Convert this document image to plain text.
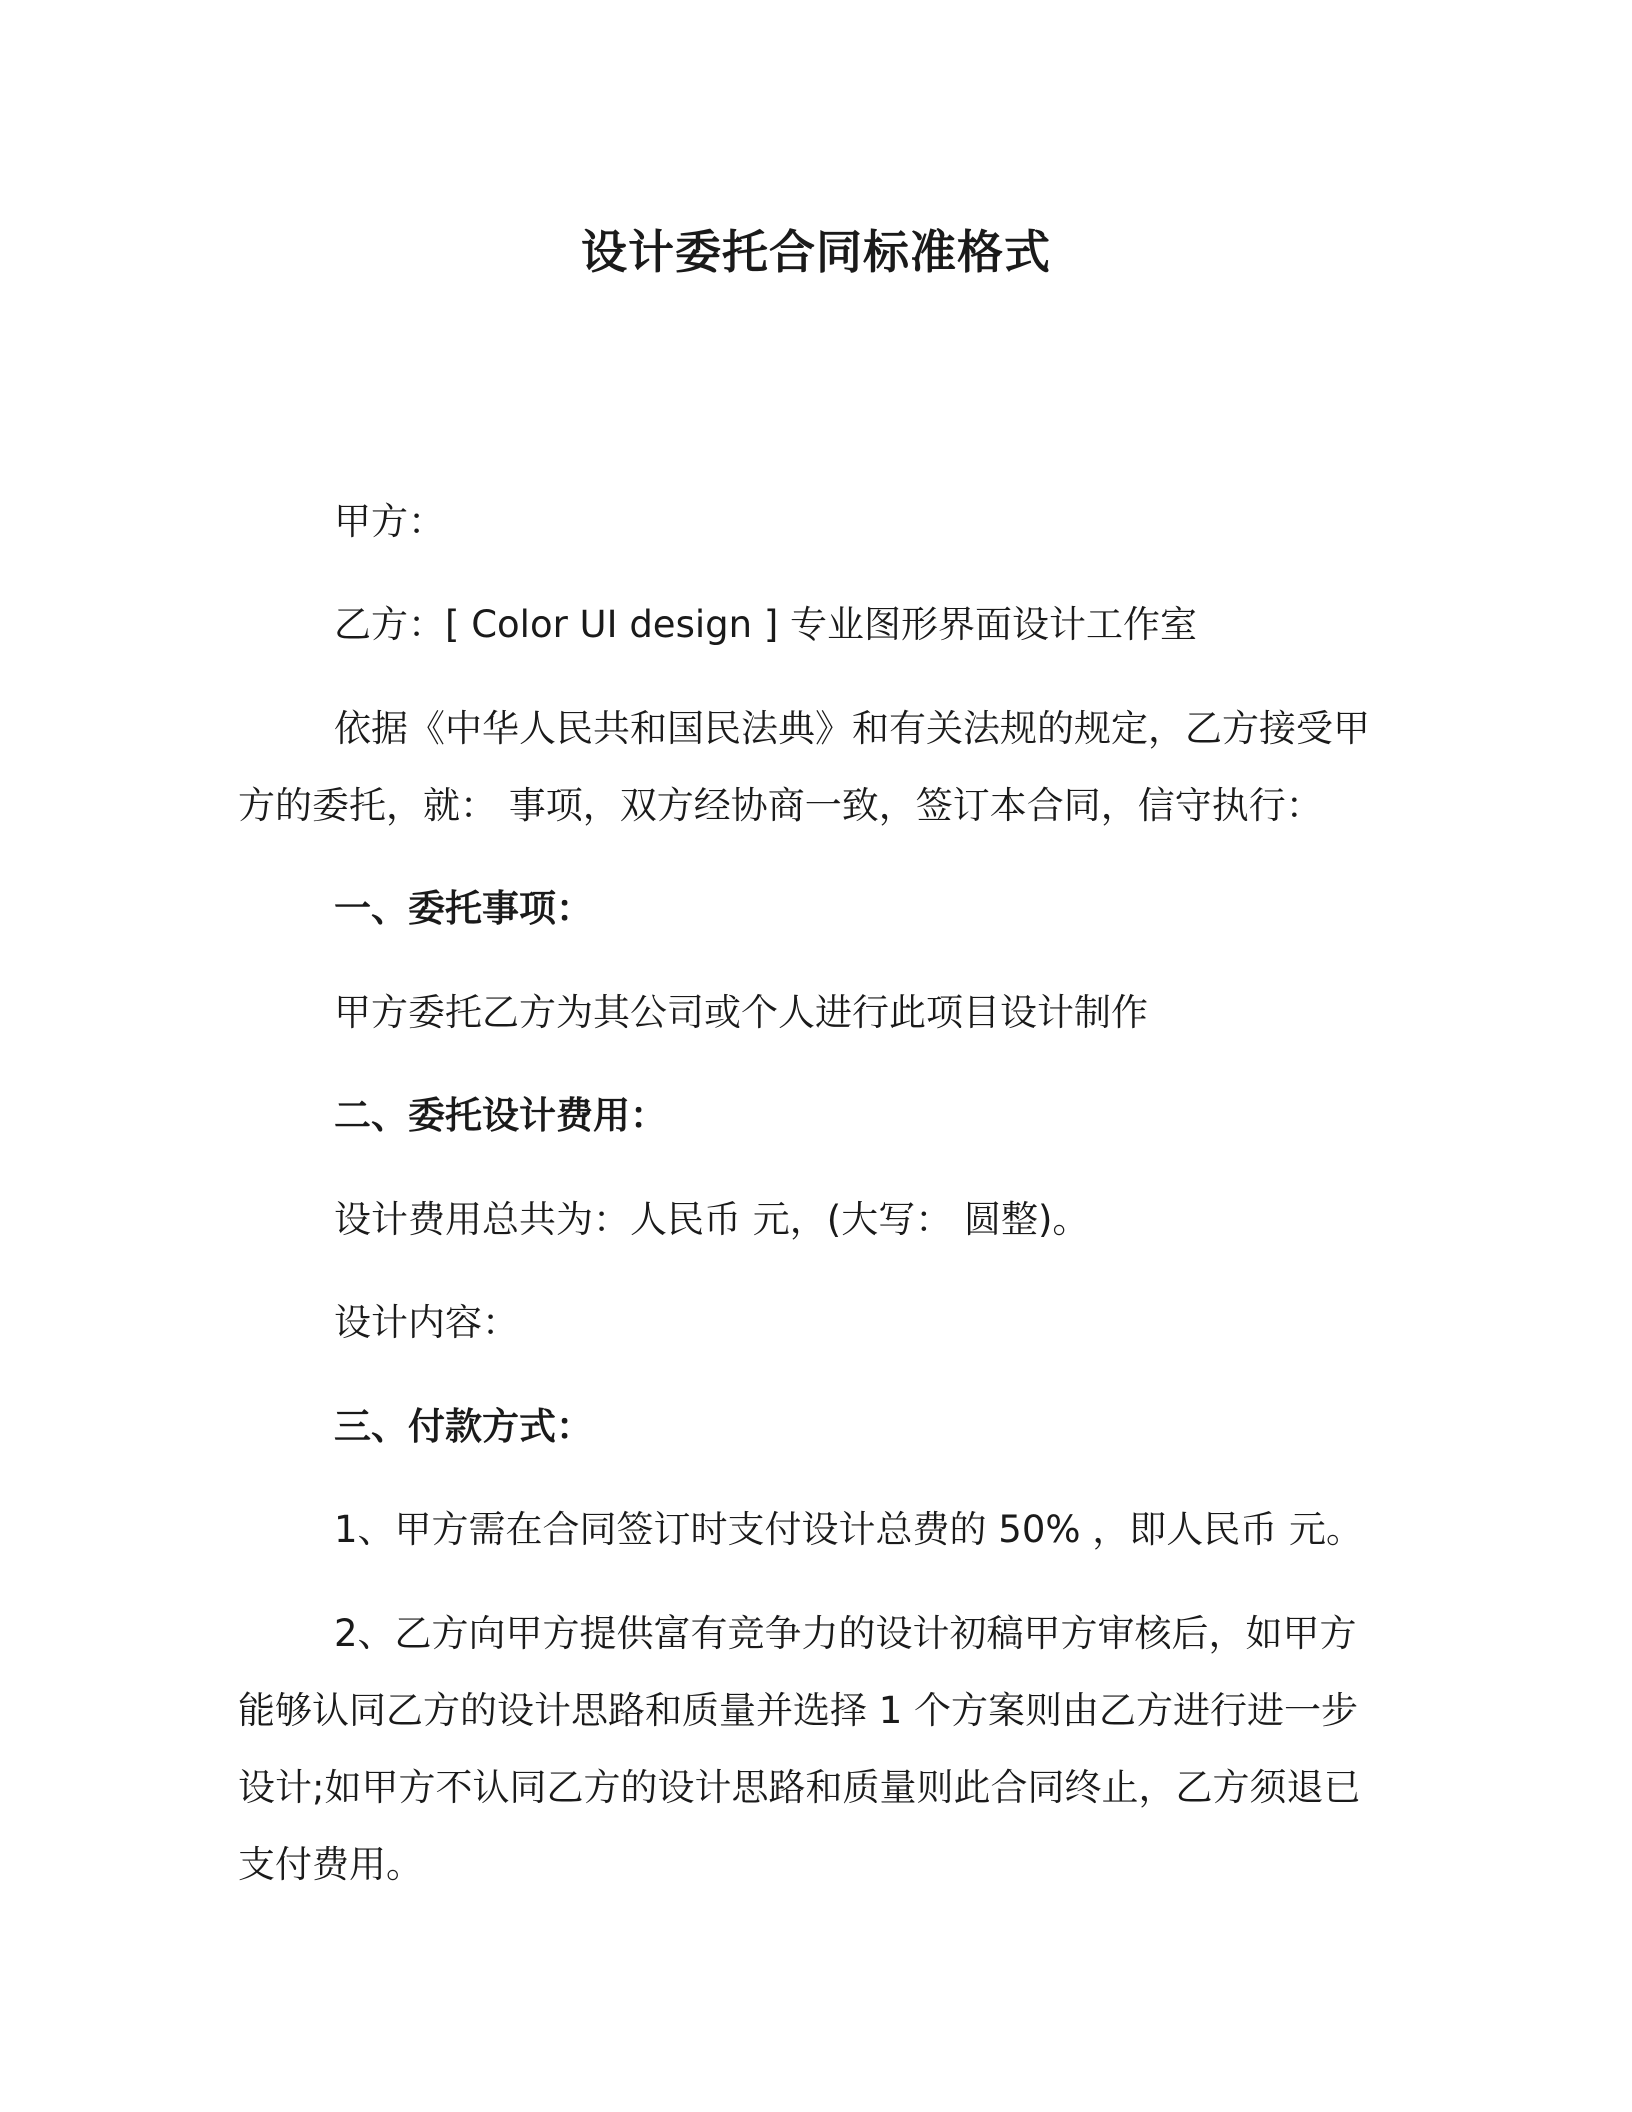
设计委托合同标准格式

甲方：

乙方：[ Color UI design ] 专业图形界面设计工作室

依据《中华人民共和国民法典》和有关法规的规定，乙方接受甲

方的委托，就： 事项，双方经协商一致，签订本合同，信守执行：

一、委托事项：

甲方委托乙方为其公司或个人进行此项目设计制作

二、委托设计费用：

设计费用总共为：人民币 元，(大写： 圆整)。

设计内容：

三、付款方式：

1、甲方需在合同签订时支付设计总费的 50% ，即人民币 元。

2、乙方向甲方提供富有竞争力的设计初稿甲方审核后，如甲方

能够认同乙方的设计思路和质量并选择 1 个方案则由乙方进行进一步

设计;如甲方不认同乙方的设计思路和质量则此合同终止，乙方须退已

支付费用。
